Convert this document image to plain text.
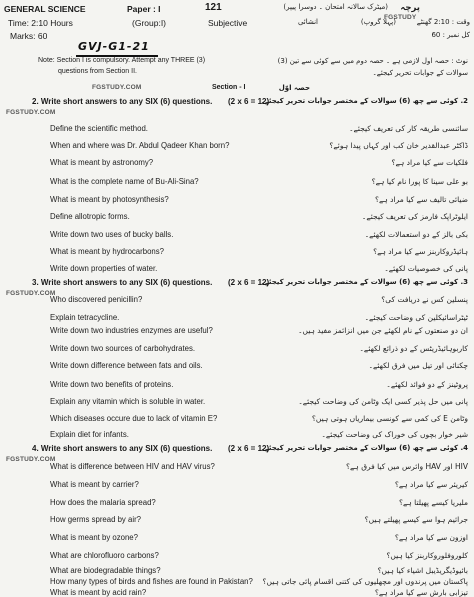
GENERAL SCIENCE	Paper : I	121	(میٹرک سالانہ امتحان ۔ دوسرا پیپر)	پرچہ
FGSTUDY
Time: 2:10 Hours	(Group:I)	Subjective	انشائی	(پہلا گروپ)	وقت : 2:10 گھنٹے
Marks: 60	کل نمبر : 60
GVJ-G1-21
Note: Section I is compulsory. Attempt any THREE (3)
questions from Section II.
نوٹ : حصہ اول لازمی ہے ۔ حصہ دوم میں سے کوئی سے تین (3)
سوالات کے جوابات تحریر کیجئے۔
FGSTUDY.COM	Section - I	حصہ اوّل
2. Write short answers to any SIX (6) questions. (2 x 6 = 12)
2. کوئی سے چھ (6) سوالات کے مختصر جوابات تحریر کیجئے۔
FGSTUDY.COM
Define the scientific method.	سائنسی طریقہ کار کی تعریف کیجئے۔
When and where was Dr. Abdul Qadeer Khan born?	ڈاکٹر عبدالقدیر خان کب اور کہاں پیدا ہوئے؟
What is meant by astronomy?	فلکیات سے کیا مراد ہے؟
What is the complete name of Bu-Ali-Sina?	بو علی سینا کا پورا نام کیا ہے؟
What is meant by photosynthesis?	ضیائی تالیف سے کیا مراد ہے؟
Define allotropic forms.	ایلوٹراپک فارمز کی تعریف کیجئے۔
Write down two uses of bucky balls.	بکی بالز کے دو استعمالات لکھئے۔
What is meant by hydrocarbons?	ہائیڈروکاربنز سے کیا مراد ہے؟
Write down properties of water.	پانی کی خصوصیات لکھئے۔
3. Write short answers to any SIX (6) questions. (2 x 6 = 12)
3. کوئی سے چھ (6) سوالات کے مختصر جوابات تحریر کیجئے۔
FGSTUDY.COM
Who discovered penicillin?	پنسلین کس نے دریافت کی؟
Explain tetracycline.	ٹیٹراسائیکلین کی وضاحت کیجئے۔
Write down two industries enzymes are useful?	ان دو صنعتوں کے نام لکھئے جن میں انزائمز مفید ہیں۔
Write down two sources of carbohydrates.	کاربوہائیڈریٹس کے دو ذرائع لکھئے۔
Write down difference between fats and oils.	چکنائی اور تیل میں فرق لکھئے۔
Write down two benefits of proteins.	پروٹینز کے دو فوائد لکھئے۔
Explain any vitamin which is soluble in water.	پانی میں حل پذیر کسی ایک وٹامن کی وضاحت کیجئے۔
Which diseases occure due to lack of vitamin E?	وٹامن E کی کمی سے کونسی بیماریاں ہوتی ہیں؟
Explain diet for infants.	شیر خوار بچوں کی خوراک کی وضاحت کیجئے۔
4. Write short answers to any SIX (6) questions. (2 x 6 = 12)
4. کوئی سے چھ (6) سوالات کے مختصر جوابات تحریر کیجئے۔
FGSTUDY.COM
What is difference between HIV and HAV virus?	HIV اور HAV وائرس میں کیا فرق ہے؟
What is meant by carrier?	کیریئر سے کیا مراد ہے؟
How does the malaria spread?	ملیریا کیسے پھیلتا ہے؟
How germs spread by air?	جراثیم ہوا سے کیسے پھیلتے ہیں؟
What is meant by ozone?	اوزون سے کیا مراد ہے؟
What are chlorofluoro carbons?	کلوروفلوروکاربنز کیا ہیں؟
What are biodegradable things?	بائیوڈیگریڈیبل اشیاء کیا ہیں؟
How many types of birds and fishes are found in Pakistan? پاکستان میں پرندوں اور مچھلیوں کی کتنی اقسام پائی جاتی ہیں؟
What is meant by acid rain?	تیزابی بارش سے کیا مراد ہے؟
